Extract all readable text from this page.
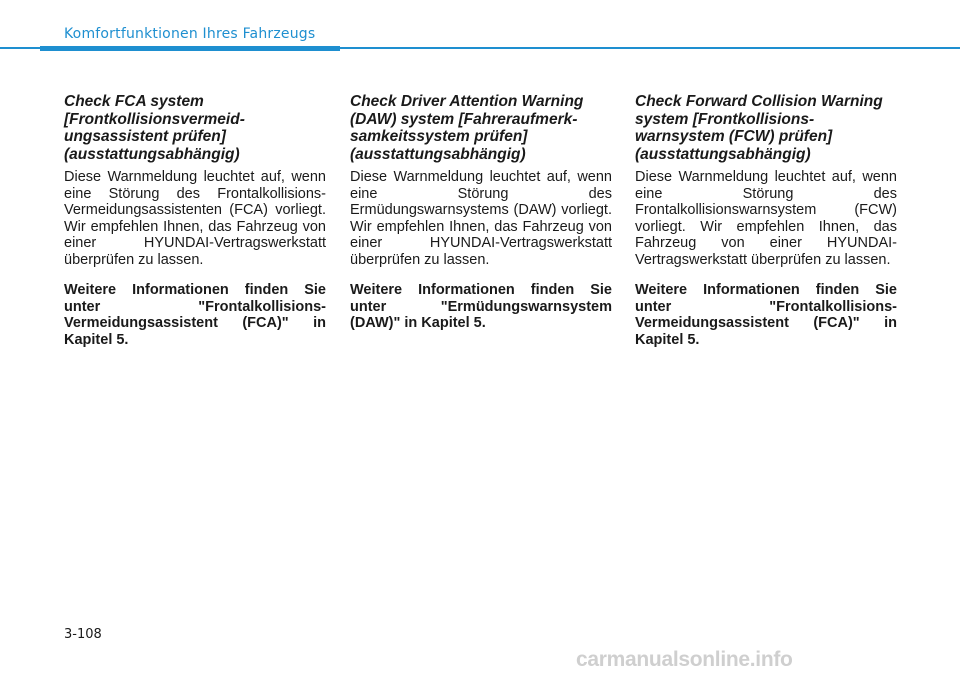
Komfortfunktionen Ihres Fahrzeugs
Check FCA system [Frontkollisionsvermeid-ungsassistent prüfen] (ausstattungsabhängig)

Diese Warnmeldung leuchtet auf, wenn eine Störung des Frontalkollisions-Vermeidungsassistenten (FCA) vorliegt. Wir empfehlen Ihnen, das Fahrzeug von einer HYUNDAI-Vertragswerkstatt überprüfen zu lassen.

Weitere Informationen finden Sie unter "Frontalkollisions-Vermeidungsassistent (FCA)" in Kapitel 5.

Check Driver Attention Warning (DAW) system [Fahreraufmerk-samkeitssystem prüfen] (ausstattungsabhängig)

Diese Warnmeldung leuchtet auf, wenn eine Störung des Ermüdungswarnsystems (DAW) vorliegt. Wir empfehlen Ihnen, das Fahrzeug von einer HYUNDAI-Vertragswerkstatt überprüfen zu lassen.

Weitere Informationen finden Sie unter "Ermüdungswarnsystem (DAW)" in Kapitel 5.

Check Forward Collision Warning system [Frontkollisions-warnsystem (FCW) prüfen] (ausstattungsabhängig)

Diese Warnmeldung leuchtet auf, wenn eine Störung des Frontalkollisionswarnsystem (FCW) vorliegt. Wir empfehlen Ihnen, das Fahrzeug von einer HYUNDAI-Vertragswerkstatt überprüfen zu lassen.

Weitere Informationen finden Sie unter "Frontalkollisions-Vermeidungsassistent (FCA)" in Kapitel 5.

3-108
carmanualsonline.info
